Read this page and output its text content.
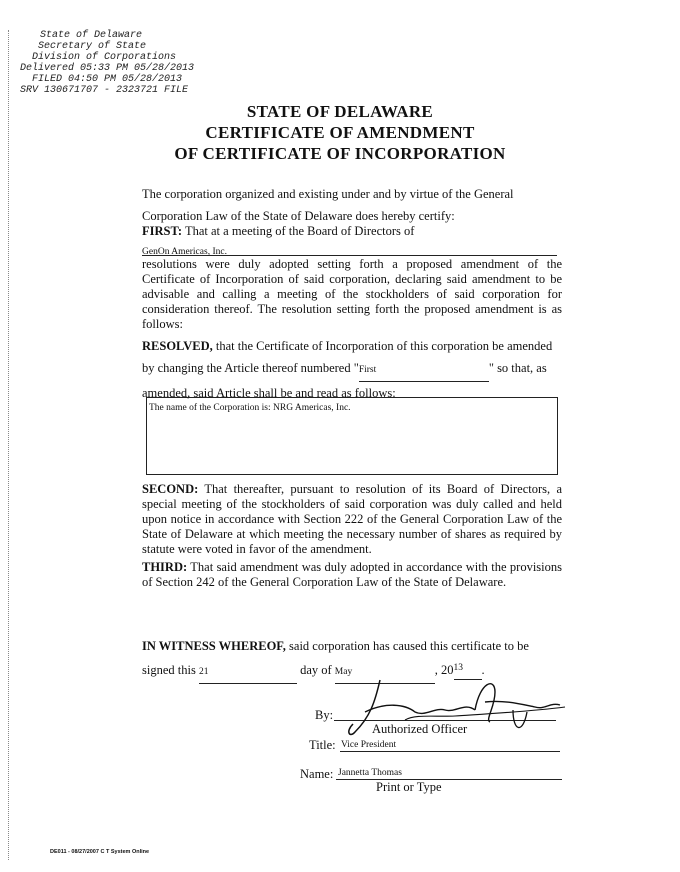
State of Delaware
Secretary of State
Division of Corporations
Delivered 05:33 PM 05/28/2013
FILED 04:50 PM 05/28/2013
SRV 130671707 - 2323721 FILE
STATE OF DELAWARE
CERTIFICATE OF AMENDMENT
OF CERTIFICATE OF INCORPORATION
The corporation organized and existing under and by virtue of the General
Corporation Law of the State of Delaware does hereby certify:
FIRST: That at a meeting of the Board of Directors of
GenOn Americas, Inc.
resolutions were duly adopted setting forth a proposed amendment of the Certificate of Incorporation of said corporation, declaring said amendment to be advisable and calling a meeting of the stockholders of said corporation for consideration thereof. The resolution setting forth the proposed amendment is as follows:
RESOLVED, that the Certificate of Incorporation of this corporation be amended
by changing the Article thereof numbered "First	" so that, as
amended, said Article shall be and read as follows:
The name of the Corporation is: NRG Americas, Inc.
SECOND: That thereafter, pursuant to resolution of its Board of Directors, a special meeting of the stockholders of said corporation was duly called and held upon notice in accordance with Section 222 of the General Corporation Law of the State of Delaware at which meeting the necessary number of shares as required by statute were voted in favor of the amendment.
THIRD: That said amendment was duly adopted in accordance with the provisions of Section 242 of the General Corporation Law of the State of Delaware.
IN WITNESS WHEREOF, said corporation has caused this certificate to be
signed this 21	day of May	, 2013 .
By:
Authorized Officer
Title: Vice President
Name: Jannetta Thomas
Print or Type
DE011 - 08/27/2007 C T System Online
